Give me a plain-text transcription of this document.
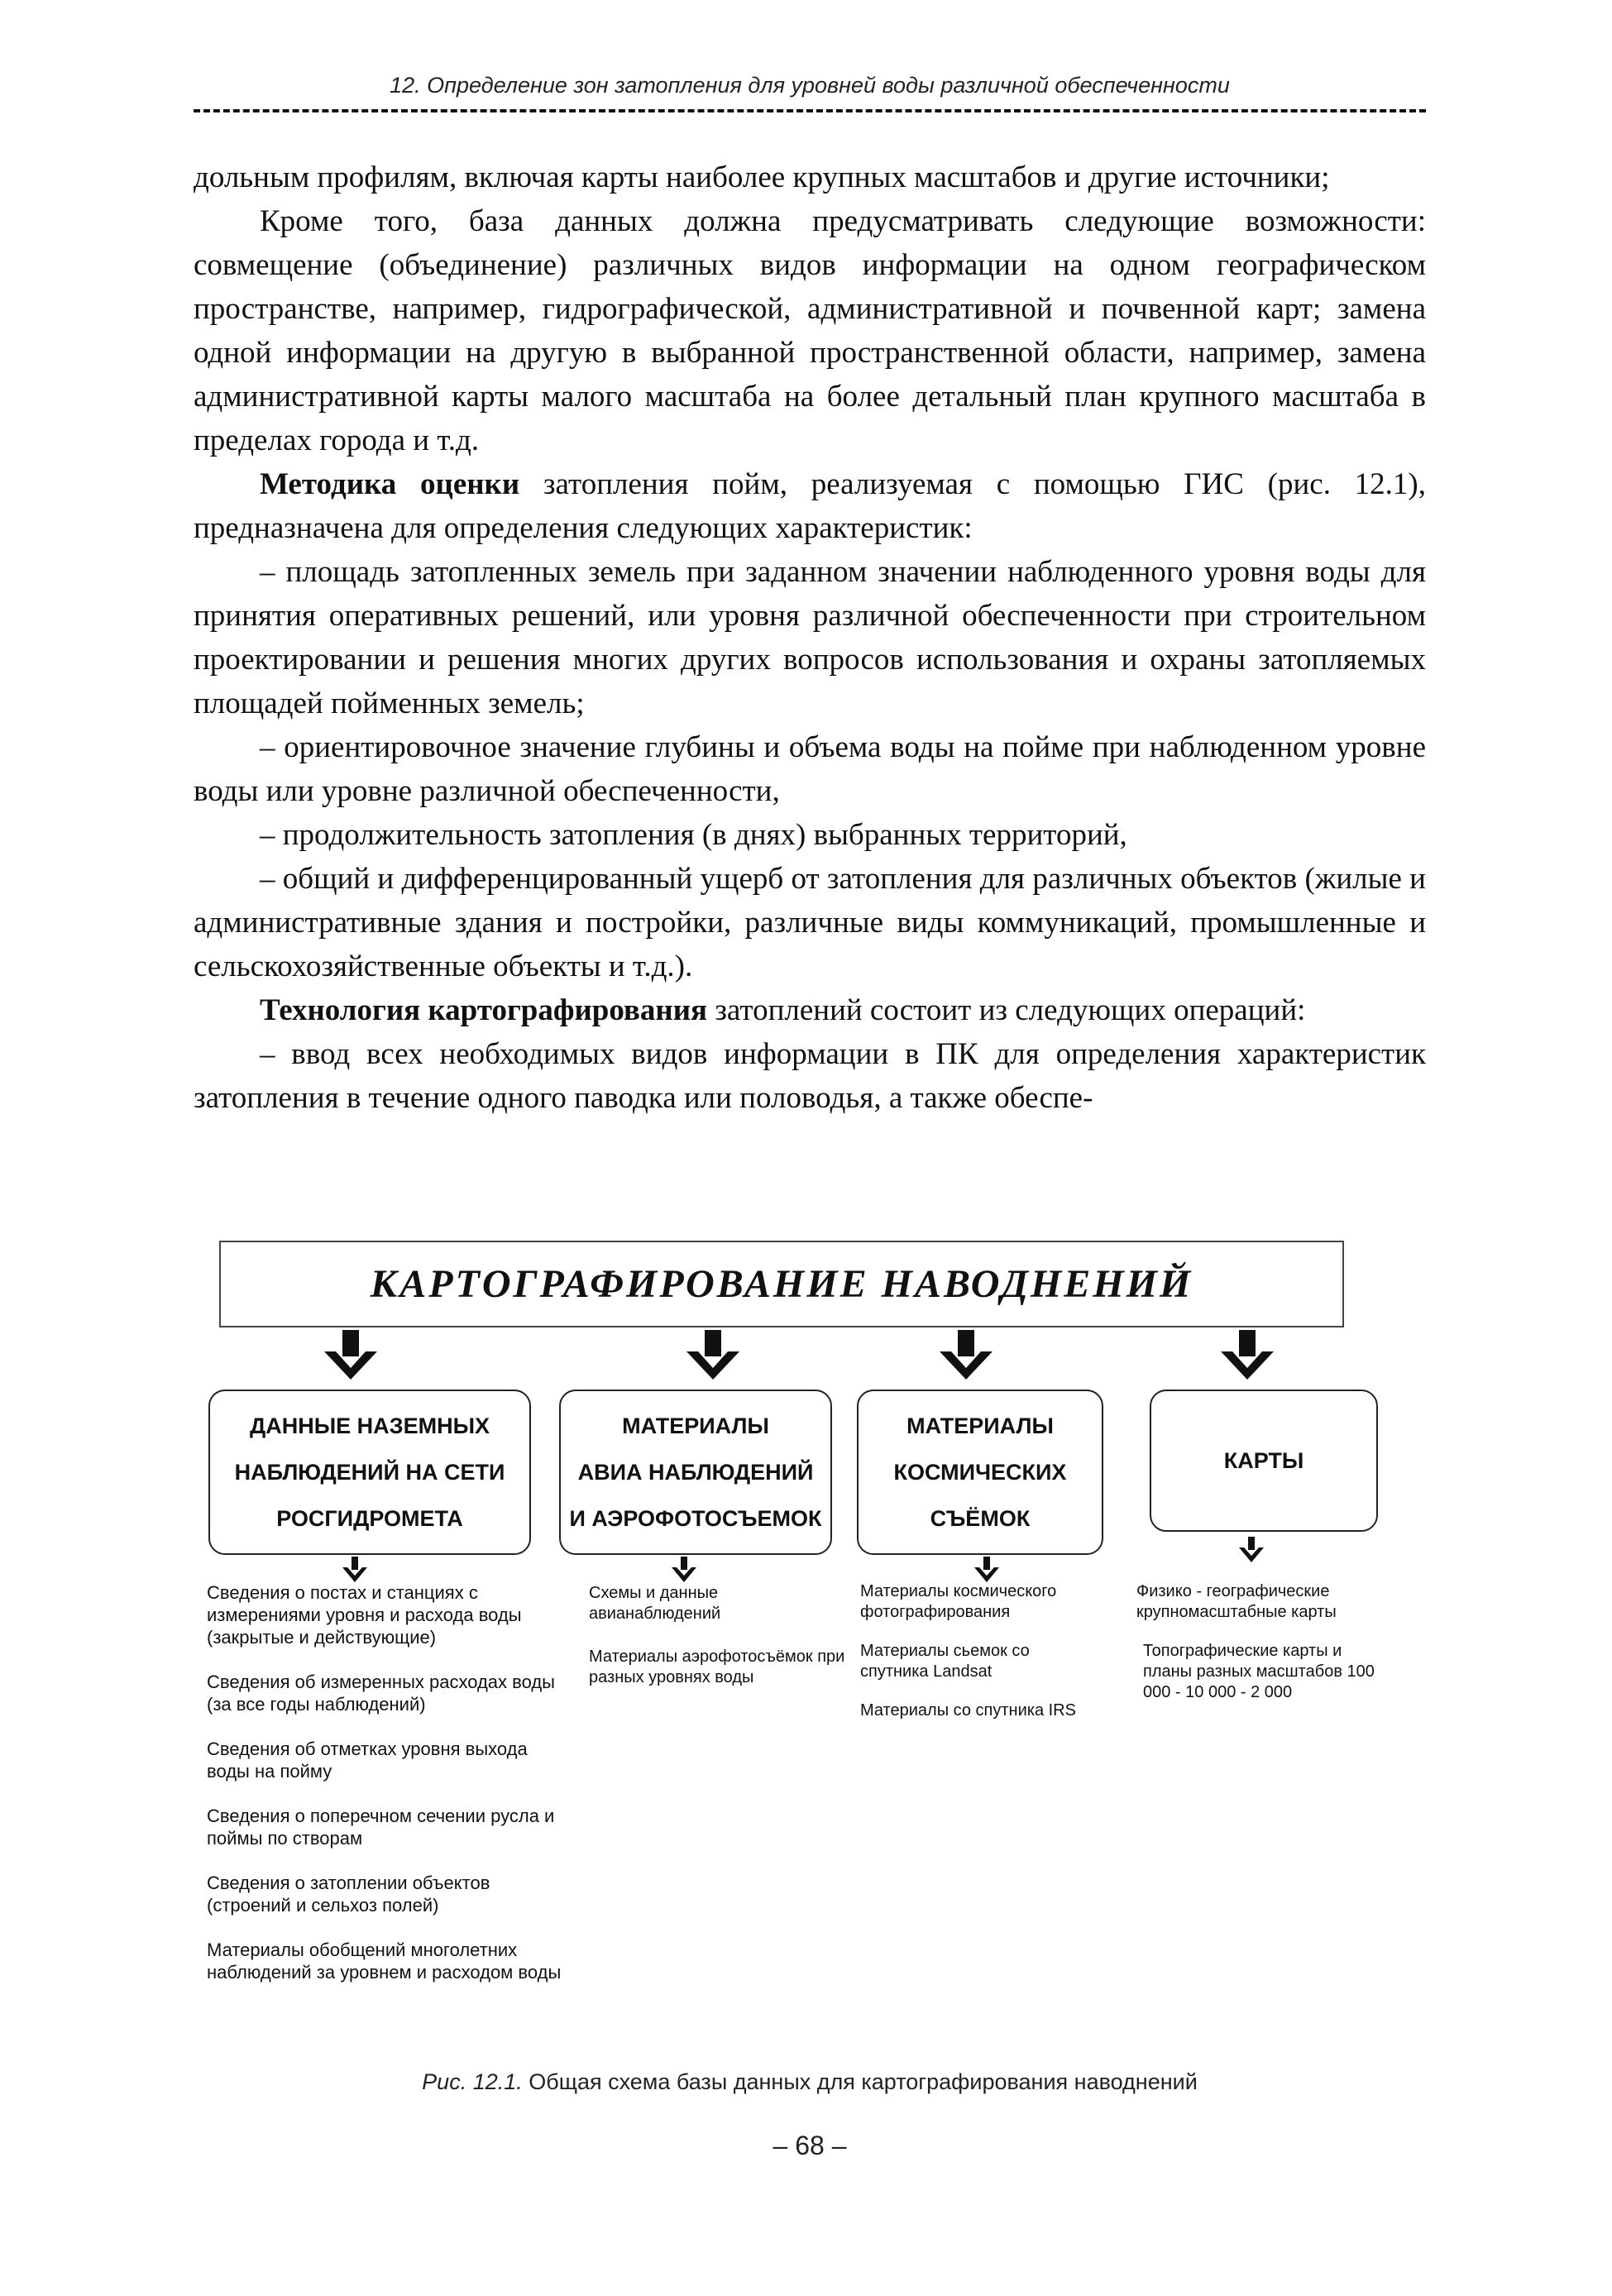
12. Определение зон затопления для уровней воды различной обеспеченности

дольным профилям, включая карты наиболее крупных масштабов и другие источники;

Кроме того, база данных должна предусматривать следующие возможности: совмещение (объединение) различных видов информации на одном географическом пространстве, например, гидрографической, административной и почвенной карт; замена одной информации на другую в выбранной пространственной области, например, замена административной карты малого масштаба на более детальный план крупного масштаба в пределах города и т.д.

Методика оценки затопления пойм, реализуемая с помощью ГИС (рис. 12.1), предназначена для определения следующих характеристик:

– площадь затопленных земель при заданном значении наблюденного уровня воды для принятия оперативных решений, или уровня различной обеспеченности при строительном проектировании и решения многих других вопросов использования и охраны затопляемых площадей пойменных земель;

– ориентировочное значение глубины и объема воды на пойме при наблюденном уровне воды или уровне различной обеспеченности,

– продолжительность затопления (в днях) выбранных территорий,

– общий и дифференцированный ущерб от затопления для различных объектов (жилые и административные здания и постройки, различные виды коммуникаций, промышленные и сельскохозяйственные объекты и т.д.).

Технология картографирования затоплений состоит из следующих операций:

– ввод всех необходимых видов информации в ПК для определения характеристик затопления в течение одного паводка или половодья, а также обеспе-

КАРТОГРАФИРОВАНИЕ НАВОДНЕНИЙ
ДАННЫЕ НАЗЕМНЫХ
НАБЛЮДЕНИЙ НА СЕТИ
РОСГИДРОМЕТА
МАТЕРИАЛЫ
АВИА НАБЛЮДЕНИЙ
И АЭРОФОТОСЪЕМОК
МАТЕРИАЛЫ
КОСМИЧЕСКИХ
СЪЁМОК
КАРТЫ
Сведения о постах и станциях с измерениями уровня и расхода воды (закрытые и действующие)
Сведения об измеренных расходах воды (за все годы наблюдений)
Сведения об отметках уровня выхода воды на пойму
Сведения о поперечном сечении русла и поймы по створам
Сведения о затоплении объектов (строений и сельхоз полей)
Материалы обобщений многолетних наблюдений за уровнем и расходом воды
Схемы и данные авианаблюдений
Материалы аэрофотосъёмок при разных уровнях воды
Материалы космического фотографирования
Материалы сьемок со спутника Landsat
Материалы со спутника IRS
Физико - географические крупномасштабные карты
Топографические карты и планы разных масштабов 100 000 - 10 000 - 2 000
Рис. 12.1. Общая схема базы данных для картографирования наводнений
– 68 –
